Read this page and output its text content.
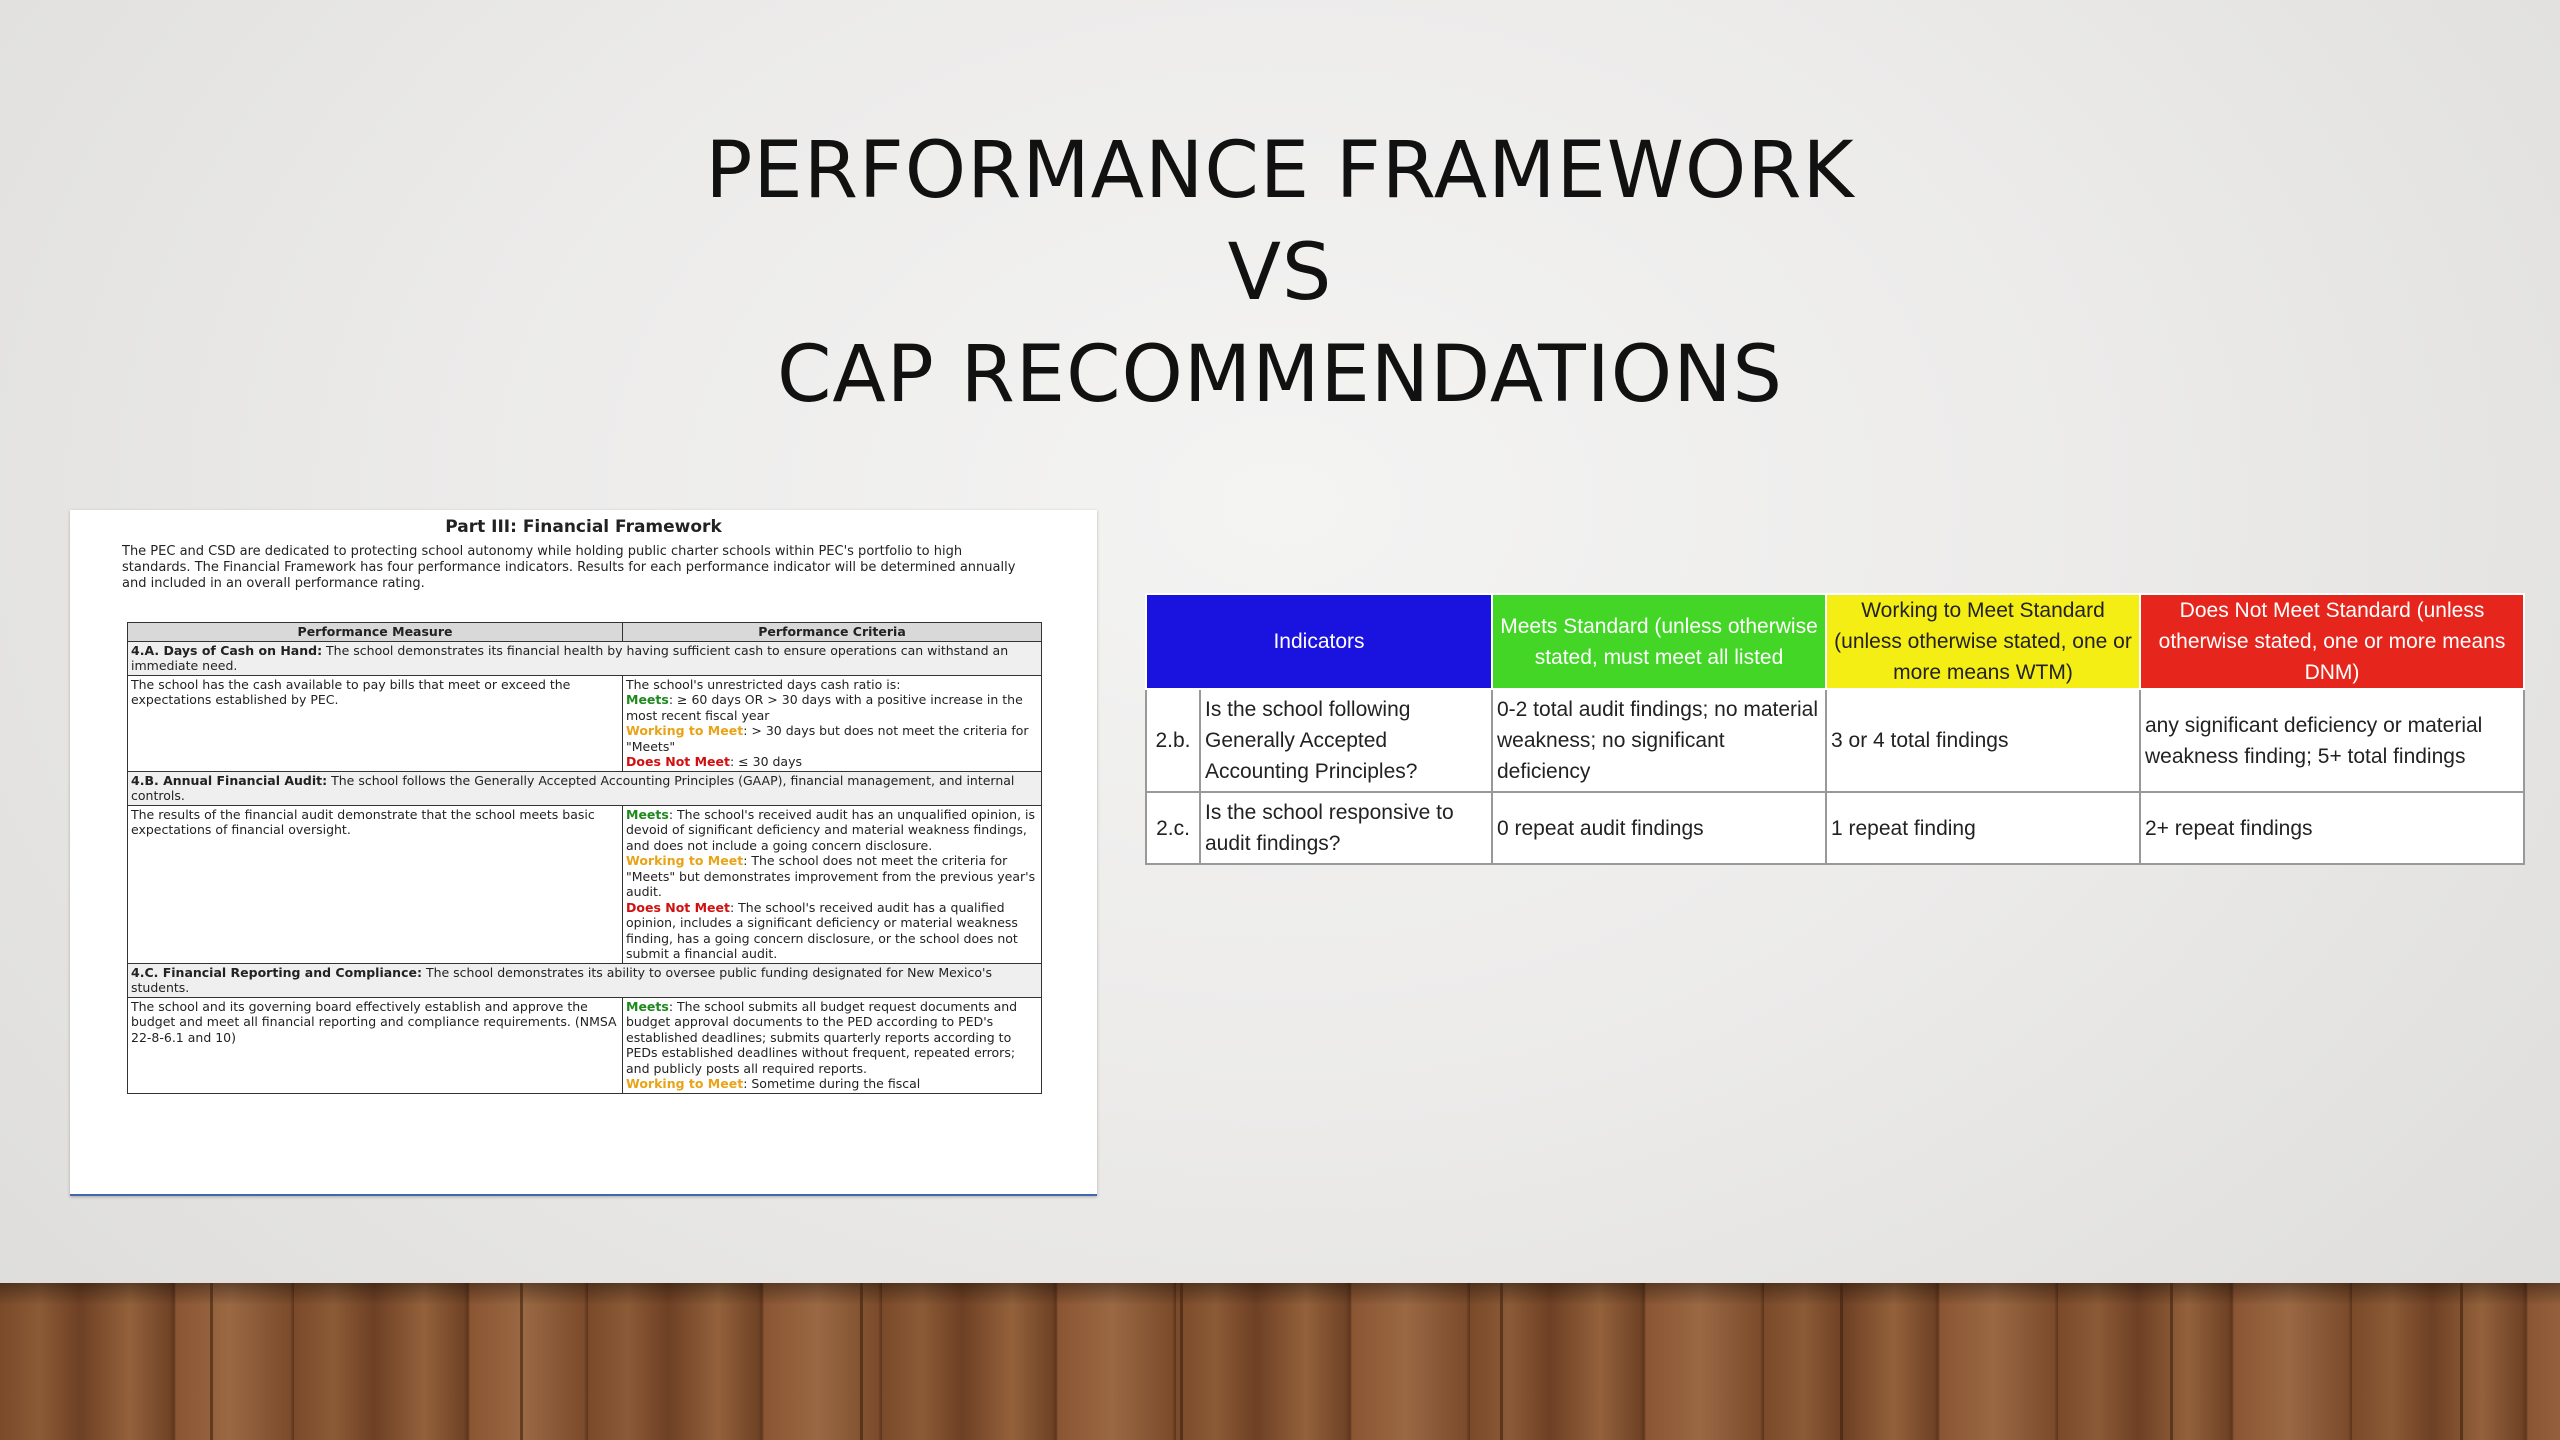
PERFORMANCE FRAMEWORK
VS
CAP RECOMMENDATIONS
Part III: Financial Framework
The PEC and CSD are dedicated to protecting school autonomy while holding public charter schools within PEC's portfolio to high standards. The Financial Framework has four performance indicators. Results for each performance indicator will be determined annually and included in an overall performance rating.
Performance Measure	Performance Criteria
4.A. Days of Cash on Hand: The school demonstrates its financial health by having sufficient cash to ensure operations can withstand an immediate need.	
The school has the cash available to pay bills that meet or exceed the expectations established by PEC.	The school's unrestricted days cash ratio is:
Meets: ≥ 60 days OR > 30 days with a positive increase in the most recent fiscal year
Working to Meet: > 30 days but does not meet the criteria for "Meets"
Does Not Meet: ≤ 30 days

4.B. Annual Financial Audit: The school follows the Generally Accepted Accounting Principles (GAAP), financial management, and internal controls.	
The results of the financial audit demonstrate that the school meets basic expectations of financial oversight.	Meets: The school's received audit has an unqualified opinion, is devoid of significant deficiency and material weakness findings, and does not include a going concern disclosure.
Working to Meet: The school does not meet the criteria for "Meets" but demonstrates improvement from the previous year's audit.
Does Not Meet: The school's received audit has a qualified opinion, includes a significant deficiency or material weakness finding, has a going concern disclosure, or the school does not submit a financial audit.

4.C. Financial Reporting and Compliance: The school demonstrates its ability to oversee public funding designated for New Mexico's students.	
The school and its governing board effectively establish and approve the budget and meet all financial reporting and compliance requirements. (NMSA 22-8-6.1 and 10)	Meets: The school submits all budget request documents and budget approval documents to the PED according to PED's established deadlines; submits quarterly reports according to PEDs established deadlines without frequent, repeated errors; and publicly posts all required reports.
Working to Meet: Sometime during the fiscal
Indicators		Meets Standard (unless otherwise stated, must meet all listed	Working to Meet Standard (unless otherwise stated, one or more means WTM)	Does Not Meet Standard (unless otherwise stated, one or more means DNM)
2.b.	Is the school following Generally Accepted Accounting Principles?	0-2 total audit findings; no material weakness; no significant deficiency	3 or 4 total findings	any significant deficiency or material weakness finding; 5+ total findings
2.c.	Is the school responsive to audit findings?	0 repeat audit findings	1 repeat finding	2+ repeat findings
